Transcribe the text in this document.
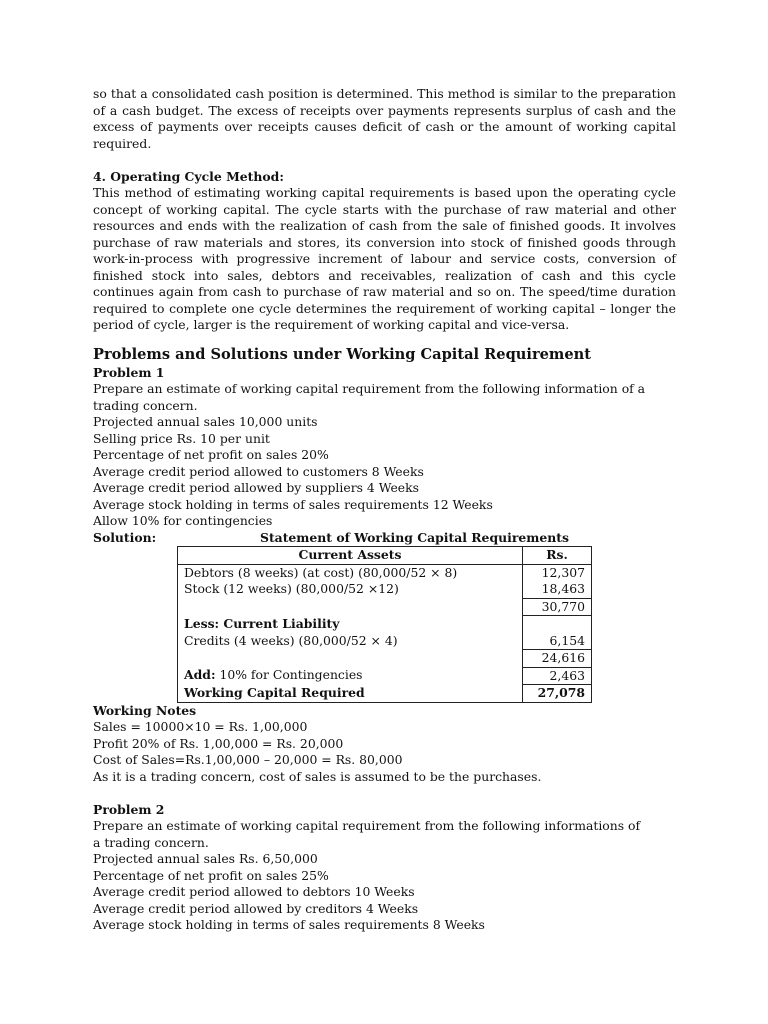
so that a consolidated cash position is determined. This method is similar to the preparation of a cash budget. The excess of receipts over payments represents surplus of cash and the excess of payments over receipts causes deficit of cash or the amount of working capital required.

4. Operating Cycle Method:

This method of estimating working capital requirements is based upon the operating cycle concept of working capital. The cycle starts with the purchase of raw material and other resources and ends with the realization of cash from the sale of finished goods. It involves purchase of raw materials and stores, its conversion into stock of finished goods through work-in-process with progressive increment of labour and service costs, conversion of finished stock into sales, debtors and receivables, realization of cash and this cycle continues again from cash to purchase of raw material and so on. The speed/time duration required to complete one cycle determines the requirement of working capital – longer the period of cycle, larger is the requirement of working capital and vice-versa.

Problems and Solutions under Working Capital Requirement

Problem 1

Prepare an estimate of working capital requirement from the following information of a trading concern.

Projected annual sales 10,000 units

Selling price Rs. 10 per unit

Percentage of net profit on sales 20%

Average credit period allowed to customers 8 Weeks

Average credit period allowed by suppliers 4 Weeks

Average stock holding in terms of sales requirements 12 Weeks

Allow 10% for contingencies

Solution:	Statement of Working Capital Requirements
Current Assets	Rs.
Debtors (8 weeks) (at cost) (80,000/52 × 8)	12,307
Stock (12 weeks) (80,000/52 ×12)	18,463
	30,770
Less: Current Liability	
Credits (4 weeks) (80,000/52 × 4)	6,154
	24,616
Add: 10% for Contingencies	2,463
Working Capital Required	27,078

Working Notes

Sales = 10000×10 = Rs. 1,00,000

Profit 20% of Rs. 1,00,000 = Rs. 20,000

Cost of Sales=Rs.1,00,000 – 20,000 = Rs. 80,000

As it is a trading concern, cost of sales is assumed to be the purchases.

Problem 2

Prepare an estimate of working capital requirement from the following informations of

a trading concern.

Projected annual sales Rs. 6,50,000

Percentage of net profit on sales 25%

Average credit period allowed to debtors 10 Weeks

Average credit period allowed by creditors 4 Weeks

Average stock holding in terms of sales requirements 8 Weeks
